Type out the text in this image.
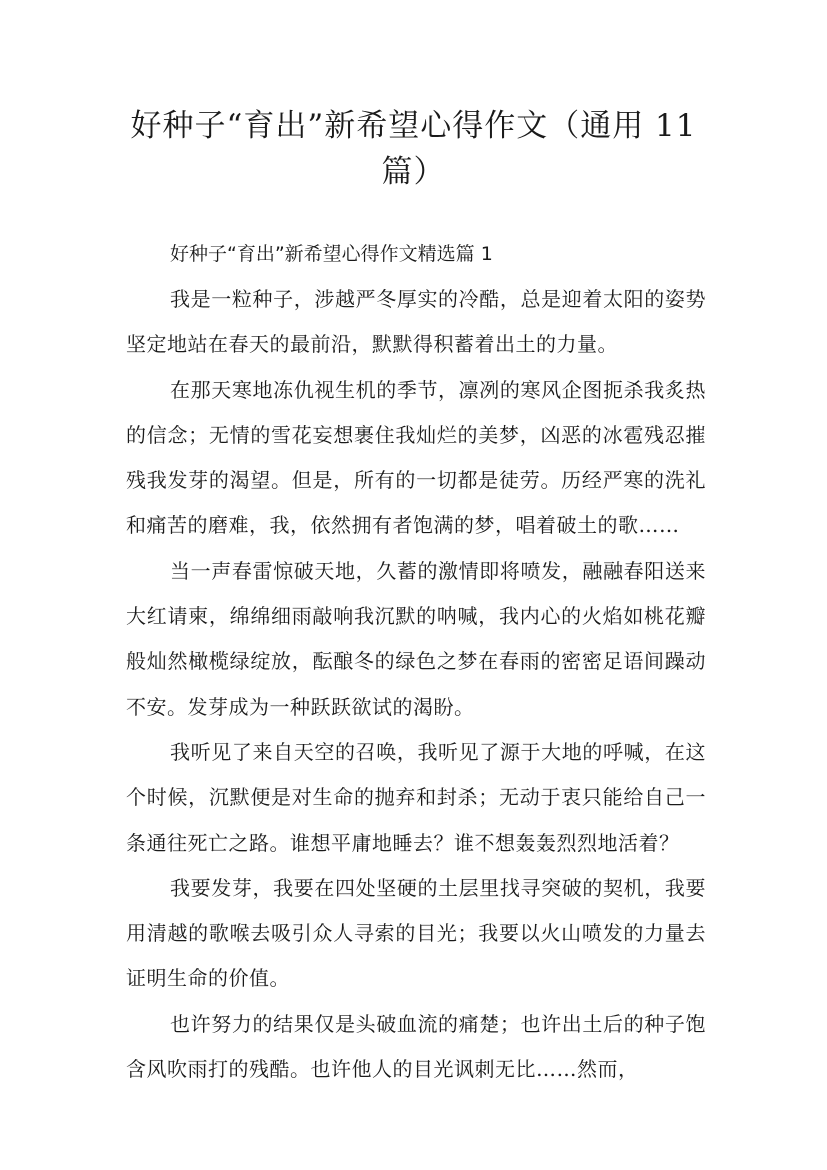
好种子“育出”新希望心得作文（通用 11 篇）

好种子“育出”新希望心得作文精选篇 1

我是一粒种子，涉越严冬厚实的冷酷，总是迎着太阳的姿势坚定地站在春天的最前沿，默默得积蓄着出土的力量。

在那天寒地冻仇视生机的季节，凛冽的寒风企图扼杀我炙热的信念；无情的雪花妄想裹住我灿烂的美梦，凶恶的冰雹残忍摧残我发芽的渴望。但是，所有的一切都是徒劳。历经严寒的洗礼和痛苦的磨难，我，依然拥有者饱满的梦，唱着破土的歌……

当一声春雷惊破天地，久蓄的激情即将喷发，融融春阳送来大红请柬，绵绵细雨敲响我沉默的呐喊，我内心的火焰如桃花瓣般灿然橄榄绿绽放，酝酿冬的绿色之梦在春雨的密密足语间躁动不安。发芽成为一种跃跃欲试的渴盼。

我听见了来自天空的召唤，我听见了源于大地的呼喊，在这个时候，沉默便是对生命的抛弃和封杀；无动于衷只能给自己一条通往死亡之路。谁想平庸地睡去？谁不想轰轰烈烈地活着？

我要发芽，我要在四处坚硬的土层里找寻突破的契机，我要用清越的歌喉去吸引众人寻索的目光；我要以火山喷发的力量去证明生命的价值。

也许努力的结果仅是头破血流的痛楚；也许出土后的种子饱含风吹雨打的残酷。也许他人的目光讽刺无比……然而，
